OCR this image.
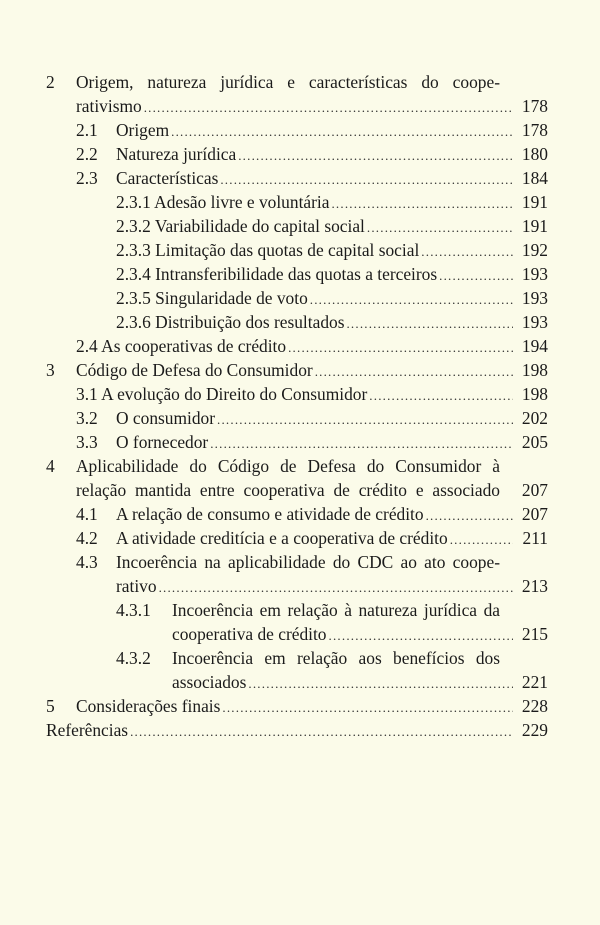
2 Origem, natureza jurídica e características do coope-
rativismo .....	178
2.1 Origem .....	178
2.2 Natureza jurídica .....	180
2.3 Características .....	184
2.3.1 Adesão livre e voluntária .....	191
2.3.2 Variabilidade do capital social .....	191
2.3.3 Limitação das quotas de capital social .....	192
2.3.4 Intransferibilidade das quotas a terceiros .....	193
2.3.5 Singularidade de voto .....	193
2.3.6 Distribuição dos resultados .....	193
2.4 As cooperativas de crédito .....	194
3 Código de Defesa do Consumidor .....	198
3.1 A evolução do Direito do Consumidor .....	198
3.2 O consumidor .....	202
3.3 O fornecedor .....	205
4 Aplicabilidade do Código de Defesa do Consumidor à
relação mantida entre cooperativa de crédito e associado	207
4.1 A relação de consumo e atividade de crédito .....	207
4.2 A atividade creditícia e a cooperativa de crédito .....	211
4.3 Incoerência na aplicabilidade do CDC ao ato coope-
rativo .....	213
4.3.1 Incoerência em relação à natureza jurídica da
cooperativa de crédito .....	215
4.3.2 Incoerência em relação aos benefícios dos
associados .....	221
5 Considerações finais .....	228
Referências .....	229
